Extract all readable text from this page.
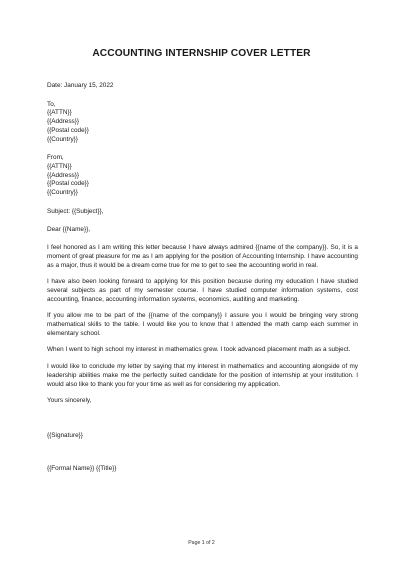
ACCOUNTING INTERNSHIP COVER LETTER
Date: January 15, 2022
To,
{{ATTN}}
{{Address}}
{{Postal code}}
{{Country}}
From,
{{ATTN}}
{{Address}}
{{Postal code}}
{{Country}}
Subject: {{Subject}},
Dear {{Name}},

I feel honored as I am writing this letter because I have always admired {{name of the company}}. So, it is a moment of great pleasure for me as I am applying for the position of Accounting Internship. I have accounting as a major, thus it would be a dream come true for me to get to see the accounting world in real.

I have also been looking forward to applying for this position because during my education I have studied several subjects as part of my semester course. I have studied computer information systems, cost accounting, finance, accounting information systems, economics, auditing and marketing.

If you allow me to be part of the {{name of the company}} I assure you I would be bringing very strong mathematical skills to the table. I would like you to know that I attended the math camp each summer in elementary school.

When I went to high school my interest in mathematics grew. I took advanced placement math as a subject.

I would like to conclude my letter by saying that my interest in mathematics and accounting alongside of my leadership abilities make me the perfectly suited candidate for the position of internship at your institution. I would also like to thank you for your time as well as for considering my application.

Yours sincerely,
{{Signature}}
{{Formal Name}} {{Title}}
Page 1 of 2
